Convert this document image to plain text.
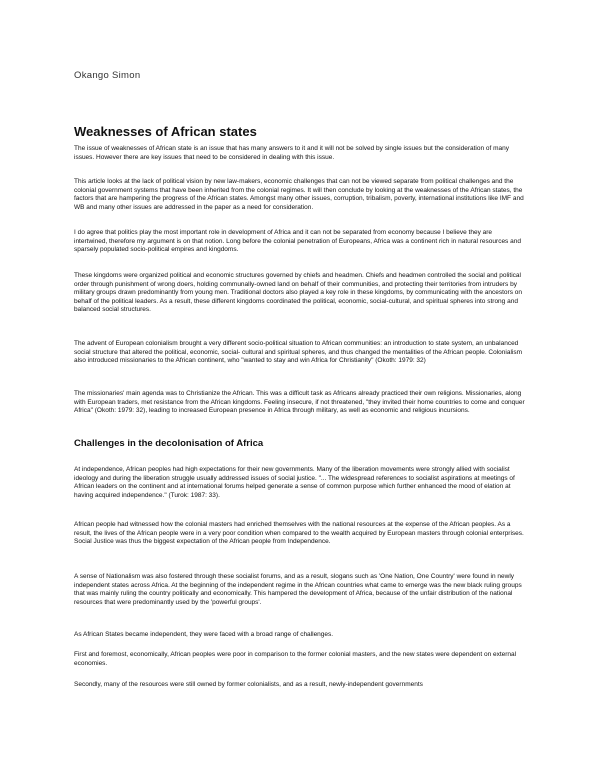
Okango Simon
Weaknesses of African states

The issue of weaknesses of African state is an issue that has many answers to it and it will not be solved by single issues but the consideration of many issues. However there are key issues that need to be considered in dealing with this issue.

This article looks at the lack of political vision by new law-makers, economic challenges that can not be viewed separate from political challenges and the colonial government systems that have been inherited from the colonial regimes. It will then conclude by looking at the weaknesses of the African states, the factors that are hampering the progress of the African states. Amongst many other issues, corruption, tribalism, poverty, international institutions like IMF and WB and many other issues are addressed in the paper as a need for consideration.

I do agree that politics play the most important role in development of Africa and it can not be separated from economy because I believe they are intertwined, therefore my argument is on that notion. Long before the colonial penetration of Europeans, Africa was a continent rich in natural resources and sparsely populated socio-political empires and kingdoms.

These kingdoms were organized political and economic structures governed by chiefs and headmen. Chiefs and headmen controlled the social and political order through punishment of wrong doers, holding communally-owned land on behalf of their communities, and protecting their territories from intruders by military groups drawn predominantly from young men. Traditional doctors also played a key role in these kingdoms, by communicating with the ancestors on behalf of the political leaders. As a result, these different kingdoms coordinated the political, economic, social-cultural, and spiritual spheres into strong and balanced social structures.

The advent of European colonialism brought a very different socio-political situation to African communities: an introduction to state system, an unbalanced social structure that altered the political, economic, social- cultural and spiritual spheres, and thus changed the mentalities of the African people. Colonialism also introduced missionaries to the African continent, who "wanted to stay and win Africa for Christianity" (Okoth: 1979: 32)

The missionaries' main agenda was to Christianize the African. This was a difficult task as Africans already practiced their own religions. Missionaries, along with European traders, met resistance from the African kingdoms. Feeling insecure, if not threatened, "they invited their home countries to come and conquer Africa" (Okoth: 1979: 32), leading to increased European presence in Africa through military, as well as economic and religious incursions.

Challenges in the decolonisation of Africa

At independence, African peoples had high expectations for their new governments. Many of the liberation movements were strongly allied with socialist ideology and during the liberation struggle usually addressed issues of social justice. "... The widespread references to socialist aspirations at meetings of African leaders on the continent and at international forums helped generate a sense of common purpose which further enhanced the mood of elation at having acquired independence." (Turok: 1987: 33).

African people had witnessed how the colonial masters had enriched themselves with the national resources at the expense of the African peoples. As a result, the lives of the African people were in a very poor condition when compared to the wealth acquired by European masters through colonial enterprises. Social Justice was thus the biggest expectation of the African people from Independence.

A sense of Nationalism was also fostered through these socialist forums, and as a result, slogans such as 'One Nation, One Country' were found in newly independent states across Africa. At the beginning of the independent regime in the African countries what came to emerge was the new black ruling groups that was mainly ruling the country politically and economically. This hampered the development of Africa, because of the unfair distribution of the national resources that were predominantly used by the 'powerful groups'.

As African States became independent, they were faced with a broad range of challenges.

First and foremost, economically, African peoples were poor in comparison to the former colonial masters, and the new states were dependent on external economies.

Secondly, many of the resources were still owned by former colonialists, and as a result, newly-independent governments
